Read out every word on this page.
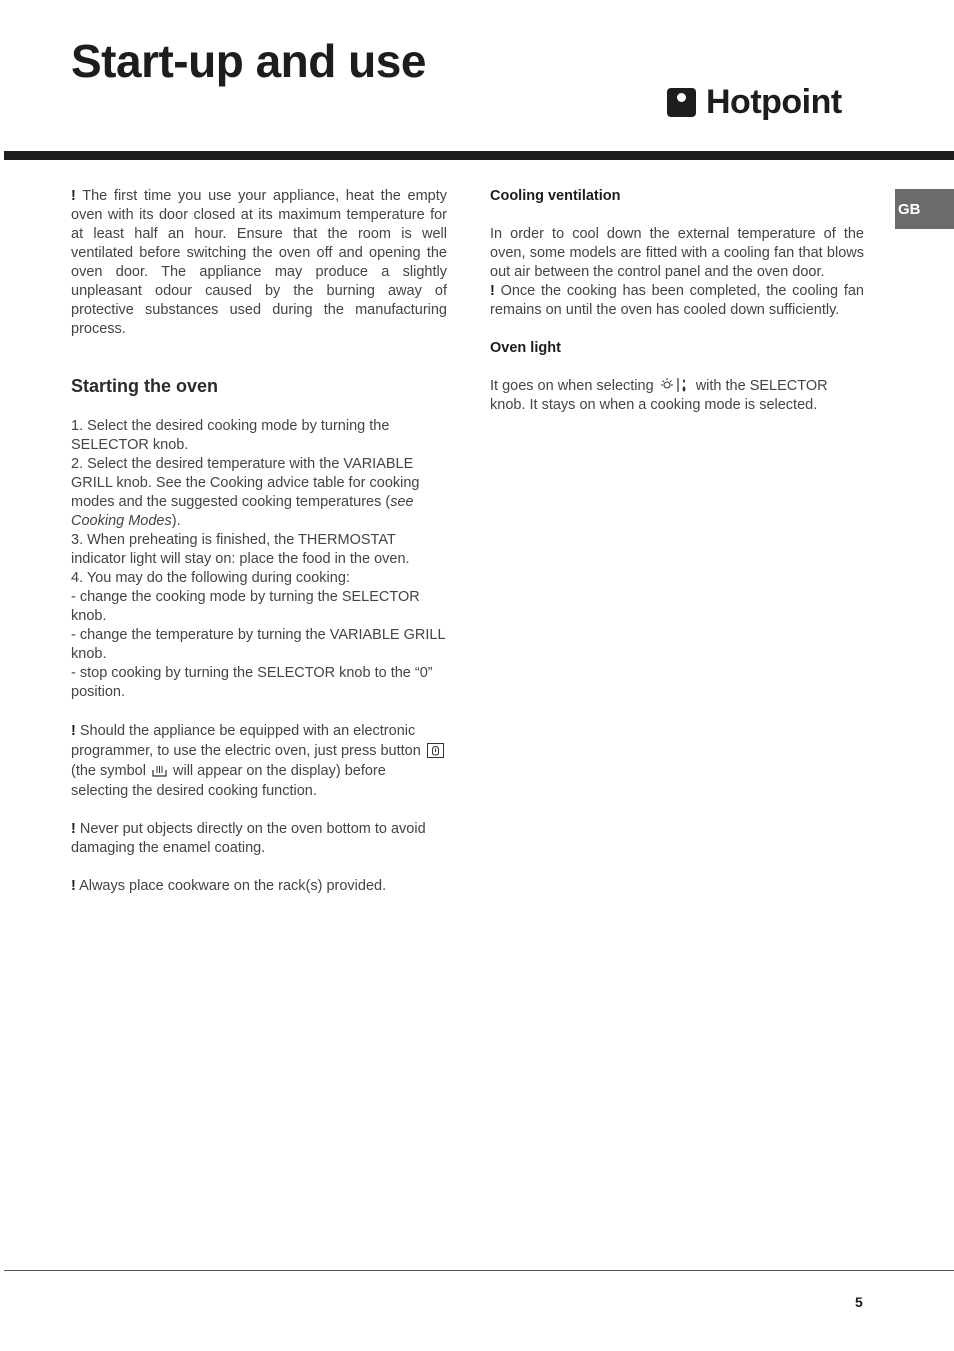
Start-up and use
Hotpoint
GB

! The first time you use your appliance, heat the empty oven with its door closed at its maximum temperature for at least half an hour. Ensure that the room is well ventilated before switching the oven off and opening the oven door. The appliance may produce a slightly unpleasant odour caused by the burning away of protective substances used during the manufacturing process.

Starting the oven

1. Select the desired cooking mode by turning the SELECTOR knob.

2. Select the desired temperature with the VARIABLE GRILL knob. See the Cooking advice table for cooking modes and the suggested cooking temperatures (see Cooking Modes).

3. When preheating is finished, the THERMOSTAT indicator light will stay on: place the food in the oven.

4. You may do the following during cooking:

- change the cooking mode by turning the SELECTOR knob.

- change the temperature by turning the VARIABLE GRILL knob.

- stop cooking by turning the SELECTOR knob to the “0” position.

! Should the appliance be equipped with an electronic programmer, to use the electric oven, just press button
(the symbol
will appear on the display) before selecting the desired cooking function.

! Never put objects directly on the oven bottom to avoid damaging the enamel coating.

! Always place cookware on the rack(s) provided.

Cooling ventilation

In order to cool down the external temperature of the oven, some models are fitted with a cooling fan that blows out air between the control panel and the oven door.

! Once the cooking has been completed, the cooling fan remains on until the oven has cooled down sufficiently.

Oven light

It goes on when selecting
with the SELECTOR knob. It stays on when a cooking mode is selected.

5
